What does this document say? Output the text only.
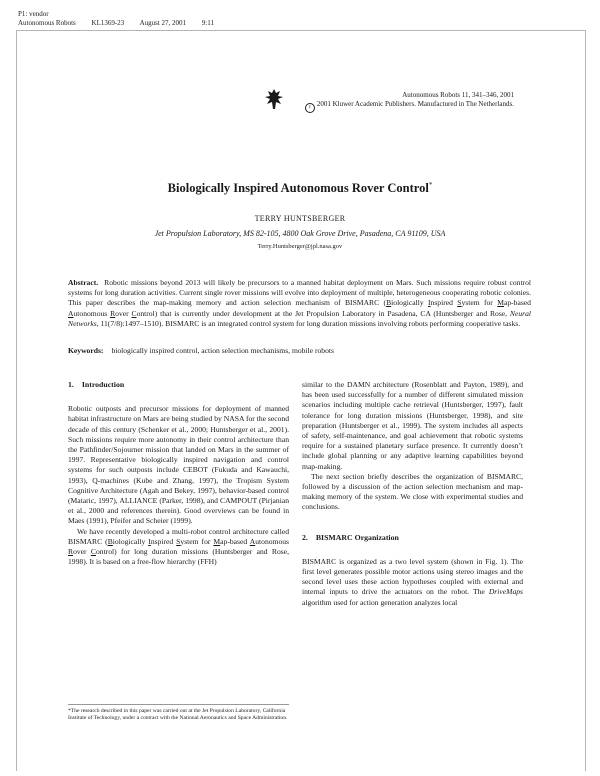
P1: vendor
Autonomous Robots KL1369-23 August 27, 2001 9:11
Autonomous Robots 11, 341–346, 2001
c 2001 Kluwer Academic Publishers. Manufactured in The Netherlands.
Biologically Inspired Autonomous Rover Control*
TERRY HUNTSBERGER
Jet Propulsion Laboratory, MS 82-105, 4800 Oak Grove Drive, Pasadena, CA 91109, USA
Terry.Huntsberger@jpl.nasa.gov
Abstract. Robotic missions beyond 2013 will likely be precursors to a manned habitat deployment on Mars. Such missions require robust control systems for long duration activities. Current single rover missions will evolve into deployment of multiple, heterogeneous cooperating robotic colonies. This paper describes the map-making memory and action selection mechanism of BISMARC (Biologically Inspired System for Map-based Autonomous Rover Control) that is currently under development at the Jet Propulsion Laboratory in Pasadena, CA (Huntsberger and Rose, Neural Networks, 11(7/8):1497–1510). BISMARC is an integrated control system for long duration missions involving robots performing cooperative tasks.
Keywords: biologically inspired control, action selection mechanisms, mobile robots

1. Introduction

Robotic outposts and precursor missions for deployment of manned habitat infrastructure on Mars are being studied by NASA for the second decade of this century (Schenker et al., 2000; Huntsberger et al., 2001). Such missions require more autonomy in their control architecture than the Pathfinder/Sojourner mission that landed on Mars in the summer of 1997. Representative biologically inspired navigation and control systems for such outposts include CEBOT (Fukuda and Kawauchi, 1993), Q-machines (Kube and Zhang, 1997), the Tropism System Cognitive Architecture (Agah and Bekey, 1997), behavior-based control (Mataric, 1997), ALLIANCE (Parker, 1998), and CAMPOUT (Pirjanian et al., 2000 and references therein). Good overviews can be found in Maes (1991), Pfeifer and Scheier (1999).

We have recently developed a multi-robot control architecture called BISMARC (Biologically Inspired System for Map-based Autonomous Rover Control) for long duration missions (Huntsberger and Rose, 1998). It is based on a free-flow hierarchy (FFH)

similar to the DAMN architecture (Rosenblatt and Payton, 1989), and has been used successfully for a number of different simulated mission scenarios including multiple cache retrieval (Huntsberger, 1997), fault tolerance for long duration missions (Huntsberger, 1998), and site preparation (Huntsberger et al., 1999). The system includes all aspects of safety, self-maintenance, and goal achievement that robotic systems require for a sustained planetary surface presence. It currently doesn’t include global planning or any adaptive learning capabilities beyond map-making.

The next section briefly describes the organization of BISMARC, followed by a discussion of the action selection mechanism and map-making memory of the system. We close with experimental studies and conclusions.

2. BISMARC Organization

BISMARC is organized as a two level system (shown in Fig. 1). The first level generates possible motor actions using stereo images and the second level uses these action hypotheses coupled with external and internal inputs to drive the actuators on the robot. The DriveMaps algorithm used for action generation analyzes local

*The research described in this paper was carried out at the Jet Propulsion Laboratory, California Institute of Technology, under a contract with the National Aeronautics and Space Administration.
